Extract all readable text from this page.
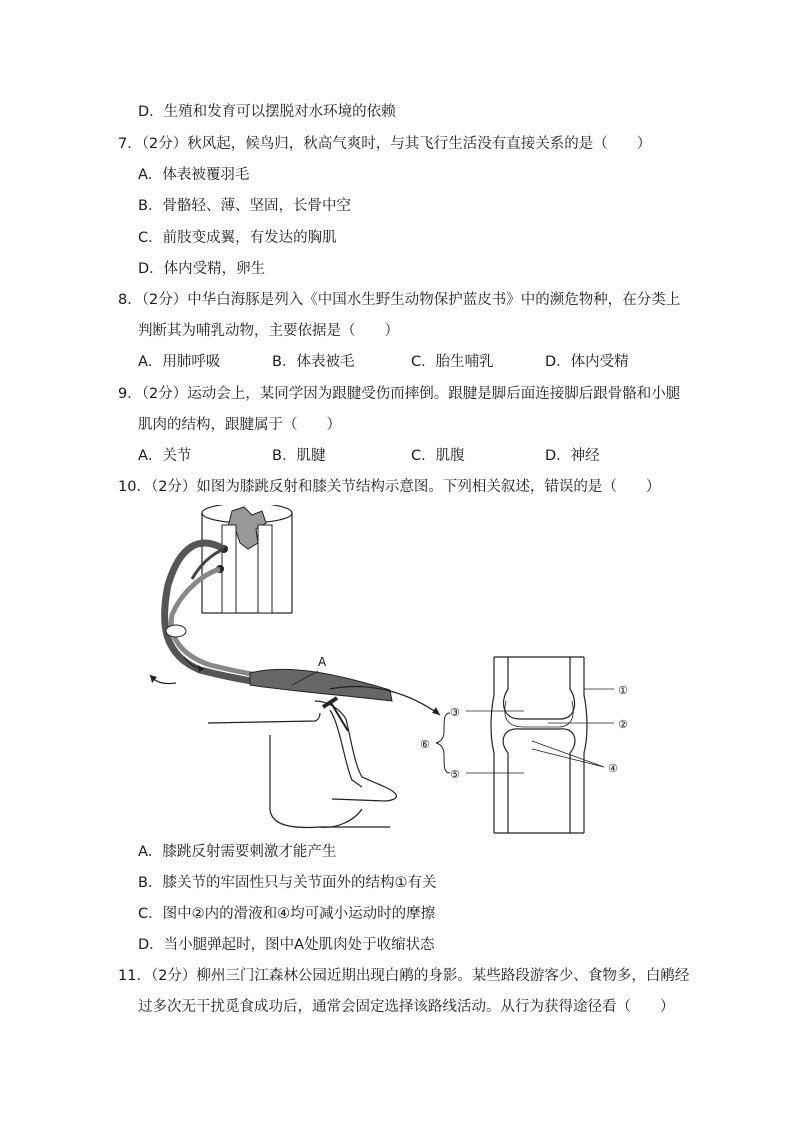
D．生殖和发育可以摆脱对水环境的依赖
7．（2分）秋风起，候鸟归，秋高气爽时，与其飞行生活没有直接关系的是（　　）
A．体表被覆羽毛
B．骨骼轻、薄、坚固，长骨中空
C．前肢变成翼，有发达的胸肌
D．体内受精，卵生
8．（2分）中华白海豚是列入《中国水生野生动物保护蓝皮书》中的濒危物种，在分类上
判断其为哺乳动物，主要依据是（　　）
A．用肺呼吸	B．体表被毛	C．胎生哺乳	D．体内受精
9．（2分）运动会上，某同学因为跟腱受伤而摔倒。跟腱是脚后面连接脚后跟骨骼和小腿
肌肉的结构，跟腱属于（　　）
A．关节	B．肌腱	C．肌腹	D．神经
10．（2分）如图为膝跳反射和膝关节结构示意图。下列相关叙述，错误的是（　　）
A
①
②
③
④
⑤
⑥
A．膝跳反射需要刺激才能产生
B．膝关节的牢固性只与关节面外的结构①有关
C．图中②内的滑液和④均可减小运动时的摩擦
D．当小腿弹起时，图中A处肌肉处于收缩状态
11．（2分）柳州三门江森林公园近期出现白鹇的身影。某些路段游客少、食物多，白鹇经
过多次无干扰觅食成功后，通常会固定选择该路线活动。从行为获得途径看（　　）
